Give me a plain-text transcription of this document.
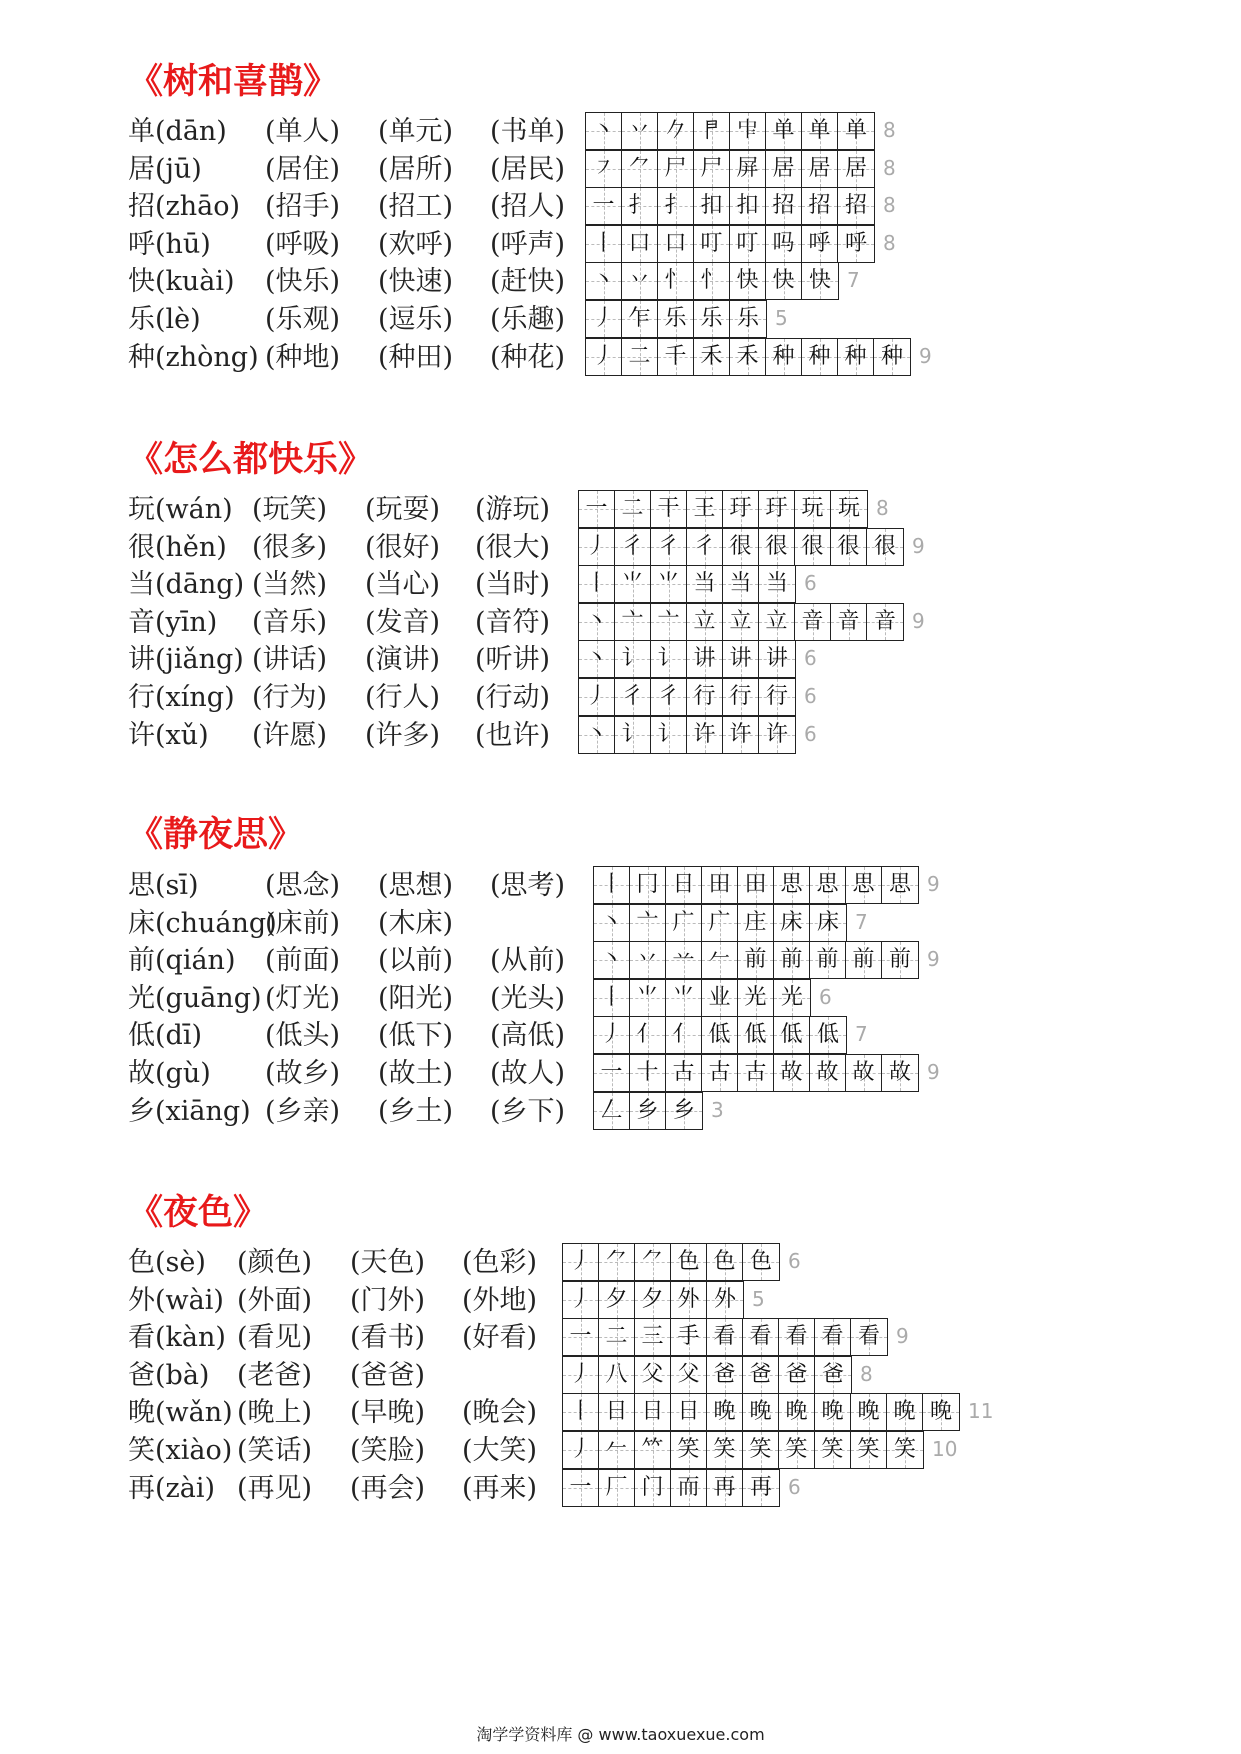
《树和喜鹊》
单(dān) (单人) (单元) (书单) 丶 丷 𠂊 𠁣 𠁦 单 单 单 8
居(jū) (居住) (居所) (居民) ㇇ ⺈ 尸 尸 屏 居 居 居 8
招(zhāo) (招手) (招工) (招人) 一 扌 扌 扣 扣 招 招 招 8
呼(hū) (呼吸) (欢呼) (呼声) 丨 口 口 叮 叮 吗 呼 呼 8
快(kuài) (快乐) (快速) (赶快) 丶 丷 忄 忄 快 快 快 7
乐(lè) (乐观) (逗乐) (乐趣) 丿 乍 乐 乐 乐 5
种(zhòng) (种地) (种田) (种花) 丿 二 千 禾 禾 种 种 种 种 9
《怎么都快乐》
玩(wán) (玩笑) (玩耍) (游玩) 一 二 干 王 玗 玗 玩 玩 8
很(hěn) (很多) (很好) (很大) 丿 彳 彳 彳 很 很 很 很 很 9
当(dāng) (当然) (当心) (当时) 丨 ⺌ ⺌ 当 当 当 6
音(yīn) (音乐) (发音) (音符) 丶 亠 亠 立 立 立 音 音 音 9
讲(jiǎng) (讲话) (演讲) (听讲) 丶 讠 讠 讲 讲 讲 6
行(xíng) (行为) (行人) (行动) 丿 彳 彳 行 行 行 6
许(xǔ) (许愿) (许多) (也许) 丶 讠 讠 许 许 许 6
《静夜思》
思(sī) (思念) (思想) (思考) 丨 冂 日 田 田 思 思 思 思 9
床(chuáng)
(床前) (木床)	丶 亠 广 广 庄 床 床 7
前(qián) (前面) (以前) (从前) 丶 丷 䒑 𠂉 前 前 前 前 前 9
光(guāng) (灯光) (阳光) (光头) 丨 ⺌ ⺌ 业 光 光 6
低(dī) (低头) (低下) (高低) 丿 亻 亻 低 低 低 低 7
故(gù) (故乡) (故土) (故人) 一 十 古 古 古 故 故 故 故 9
乡(xiāng) (乡亲) (乡土) (乡下) 𠃋 乡 乡 3
《夜色》
色(sè) (颜色) (天色) (色彩) 丿 ⺈ ⺈ 色 色 色 6
外(wài) (外面) (门外) (外地) 丿 夕 夕 外 外 5
看(kàn) (看见) (看书) (好看) 一 二 三 手 看 看 看 看 看 9
爸(bà) (老爸) (爸爸)	丿 八 父 父 爸 爸 爸 爸 8
晚(wǎn) (晚上) (早晚) (晚会) 丨 日 日 日 晚 晚 晚 晚 晚 晚 晚 11
笑(xiào) (笑话) (笑脸) (大笑) 丿 𠂉 𥫗 笑 笑 笑 笑 笑 笑 笑 10
再(zài) (再见) (再会) (再来) 一 厂 门 而 再 再 6
淘学学资料库 @ www.taoxuexue.com
